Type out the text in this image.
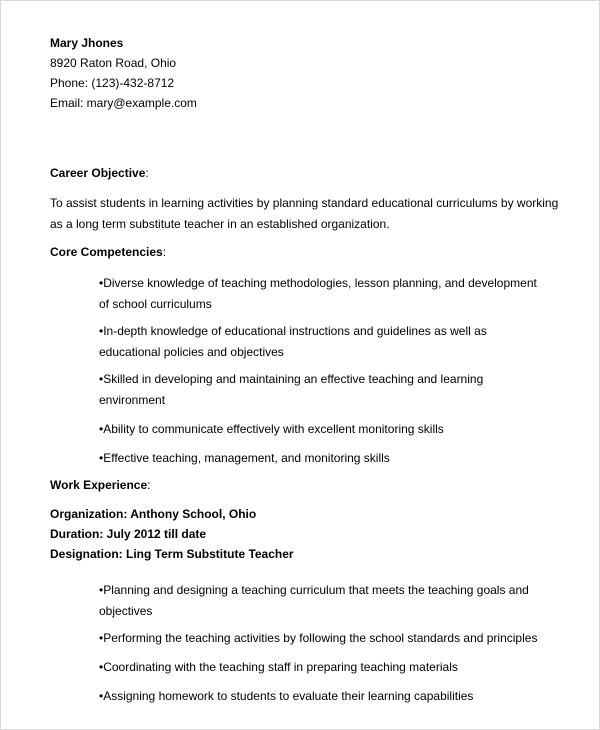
Mary Jhones
8920 Raton Road, Ohio
Phone: (123)-432-8712
Email: mary@example.com
Career Objective:

To assist students in learning activities by planning standard educational curriculums by working as a long term substitute teacher in an established organization.

Core Competencies:
•Diverse knowledge of teaching methodologies, lesson planning, and development of school curriculums
•In-depth knowledge of educational instructions and guidelines as well as educational policies and objectives
•Skilled in developing and maintaining an effective teaching and learning environment
•Ability to communicate effectively with excellent monitoring skills
•Effective teaching, management, and monitoring skills
Work Experience:
Organization: Anthony School, Ohio
Duration: July 2012 till date
Designation: Ling Term Substitute Teacher
•Planning and designing a teaching curriculum that meets the teaching goals and objectives
•Performing the teaching activities by following the school standards and principles
•Coordinating with the teaching staff in preparing teaching materials
•Assigning homework to students to evaluate their learning capabilities
